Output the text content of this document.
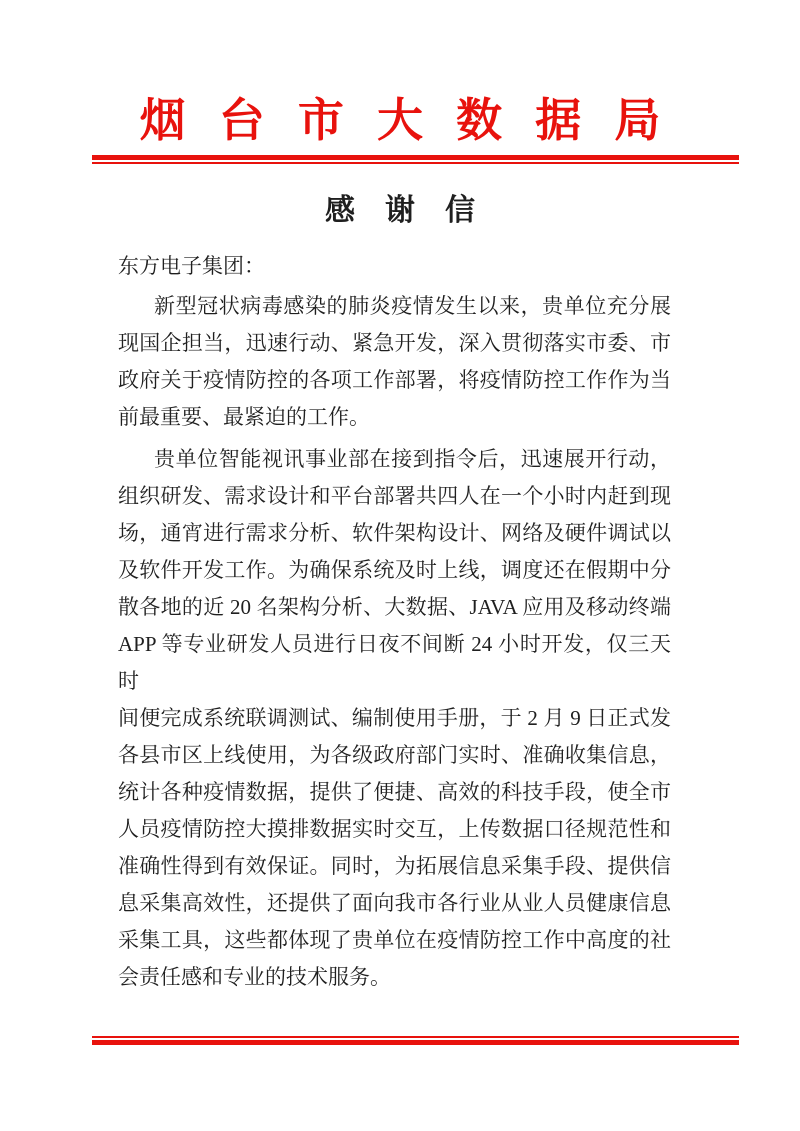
烟台市大数据局
感谢信
东方电子集团：
新型冠状病毒感染的肺炎疫情发生以来，贵单位充分展
现国企担当，迅速行动、紧急开发，深入贯彻落实市委、市
政府关于疫情防控的各项工作部署，将疫情防控工作作为当
前最重要、最紧迫的工作。
贵单位智能视讯事业部在接到指令后，迅速展开行动，
组织研发、需求设计和平台部署共四人在一个小时内赶到现
场，通宵进行需求分析、软件架构设计、网络及硬件调试以
及软件开发工作。为确保系统及时上线，调度还在假期中分
散各地的近 20 名架构分析、大数据、JAVA 应用及移动终端
APP 等专业研发人员进行日夜不间断 24 小时开发，仅三天时
间便完成系统联调测试、编制使用手册，于 2 月 9 日正式发
各县市区上线使用，为各级政府部门实时、准确收集信息，
统计各种疫情数据，提供了便捷、高效的科技手段，使全市
人员疫情防控大摸排数据实时交互，上传数据口径规范性和
准确性得到有效保证。同时，为拓展信息采集手段、提供信
息采集高效性，还提供了面向我市各行业从业人员健康信息
采集工具，这些都体现了贵单位在疫情防控工作中高度的社
会责任感和专业的技术服务。
